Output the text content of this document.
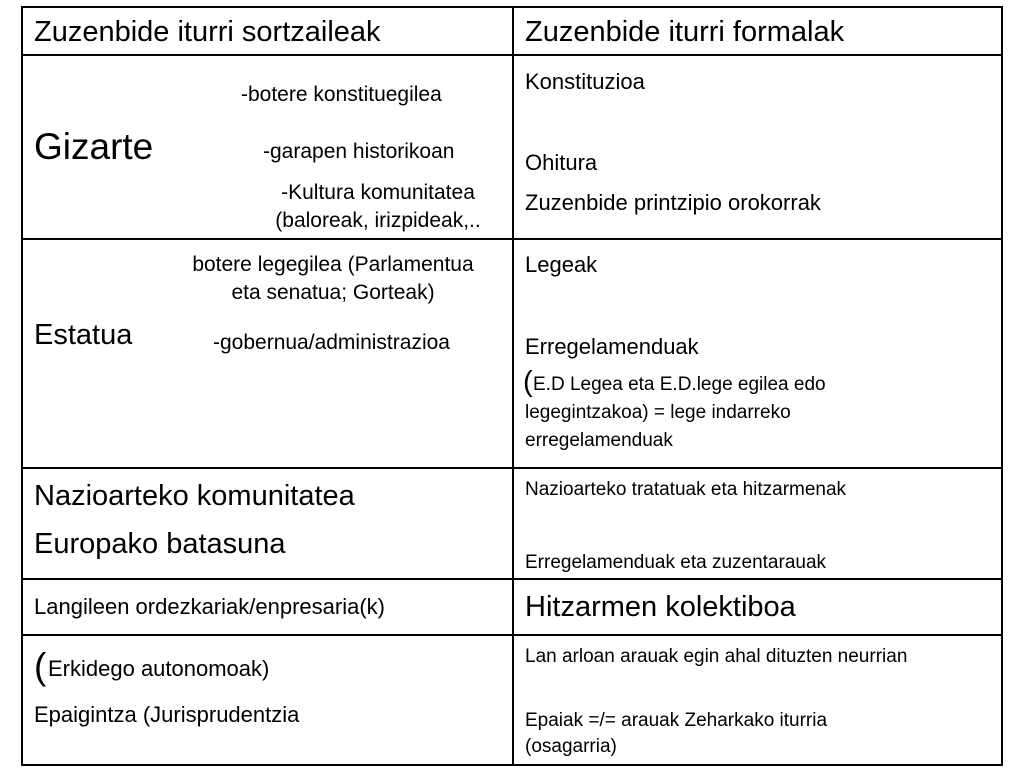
Zuzenbide iturri sortzaileak	Zuzenbide iturri formalak
Gizarte
-botere konstituegilea
-garapen historikoan
-Kultura komunitatea
(baloreak, irizpideak,..
Konstituzioa
Ohitura
Zuzenbide printzipio orokorrak
Estatua
botere legegilea (Parlamentua
eta senatua; Gorteak)
-gobernua/administrazioa
Legeak
Erregelamenduak
( E.D Legea eta E.D.lege egilea edo
legegintzakoa) = lege indarreko
erregelamenduak
Nazioarteko komunitatea
Europako batasuna
Nazioarteko tratatuak eta hitzarmenak
Erregelamenduak eta zuzentarauak
Langileen ordezkariak/enpresaria(k)	Hitzarmen kolektiboa
( Erkidego autonomoak)
Epaigintza (Jurisprudentzia
Lan arloan arauak egin ahal dituzten neurrian
Epaiak =/= arauak Zeharkako iturria
(osagarria)
